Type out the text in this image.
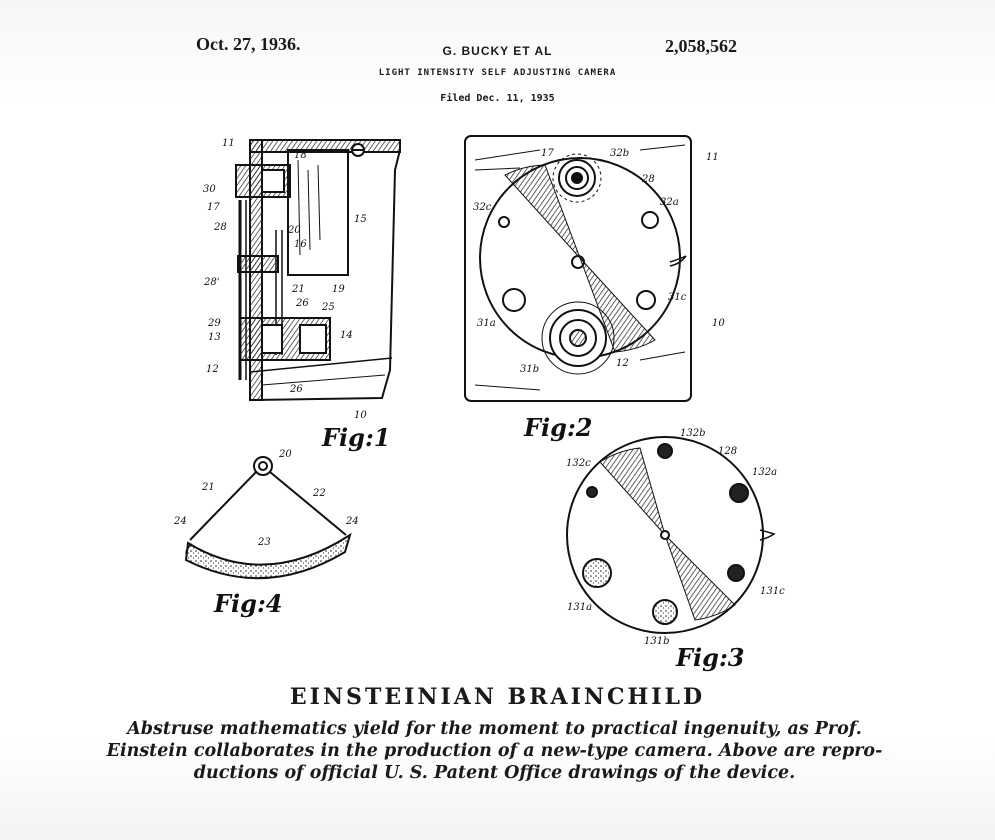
Oct. 27, 1936.	G. BUCKY ET AL	2,058,562
LIGHT INTENSITY SELF ADJUSTING CAMERA
Filed Dec. 11, 1935
11
18
30
17
28	20
16
15
28'
19
21
26 25
29
13	14
12
26
10
Fig:1
17	32b	11
28
32c	32a
31c
31a	10
31b
12
Fig:2	132b
128
132c
132a
131c
131a
131b
Fig:3
20
21
22
24	24
23
Fig:4
EINSTEINIAN BRAINCHILD
Abstruse mathematics yield for the moment to practical ingenuity, as Prof.
Einstein collaborates in the production of a new-type camera. Above are repro-
ductions of official U. S. Patent Office drawings of the device.
